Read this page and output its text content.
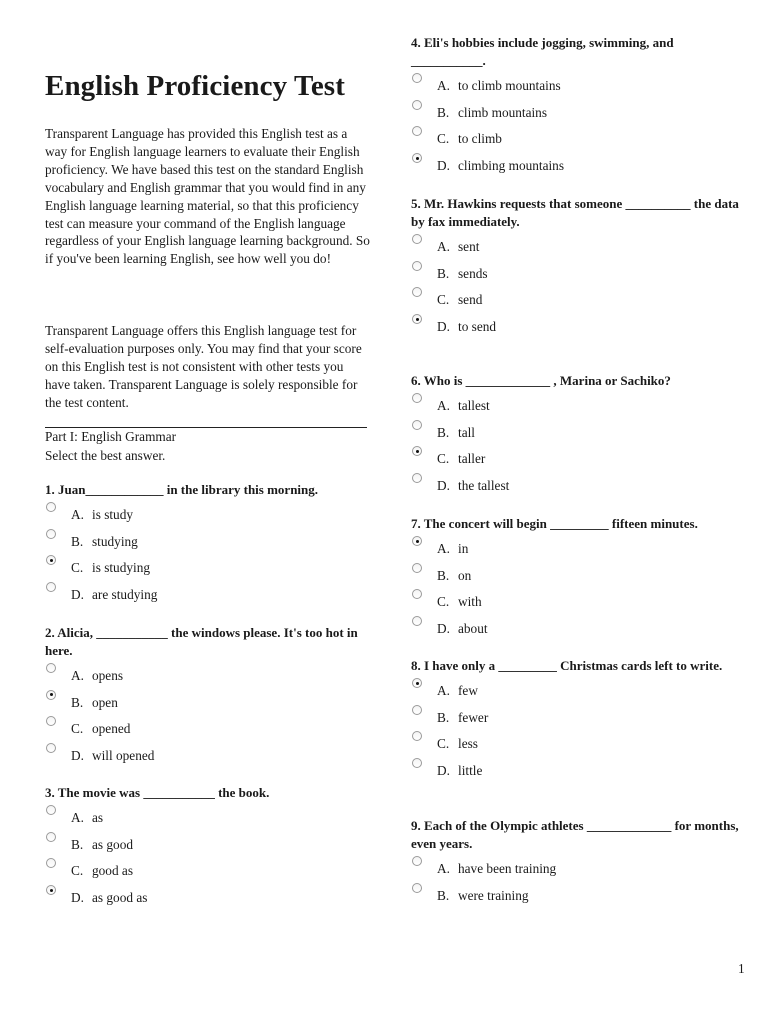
English Proficiency Test

Transparent Language has provided this English test as a way for English language learners to evaluate their English proficiency. We have based this test on the standard English vocabulary and English grammar that you would find in any English language learning material, so that this proficiency test can measure your command of the English language regardless of your English language learning background. So if you've been learning English, see how well you do!

Transparent Language offers this English language test for self-evaluation purposes only. You may find that your score on this English test is not consistent with other tests you have taken. Transparent Language is solely responsible for the test content.

Part I: English Grammar
Select the best answer.

1. Juan____________ in the library this morning.

A. is study
B. studying
C. is studying
D. are studying

2. Alicia, ___________ the windows please. It's too hot in here.

A. opens
B. open
C. opened
D. will opened

3. The movie was ___________ the book.

A. as
B. as good
C. good as
D. as good as

4. Eli's hobbies include jogging, swimming, and ___________.

A. to climb mountains
B. climb mountains
C. to climb
D. climbing mountains

5. Mr. Hawkins requests that someone __________ the data
by fax immediately.

A. sent
B. sends
C. send
D. to send

6. Who is _____________ , Marina or Sachiko?

A. tallest
B. tall
C. taller
D. the tallest

7. The concert will begin _________ fifteen minutes.

A. in
B. on
C. with
D. about

8. I have only a _________ Christmas cards left to write.

A. few
B. fewer
C. less
D. little

9. Each of the Olympic athletes _____________ for months,
even years.

A. have been training
B. were training
1
